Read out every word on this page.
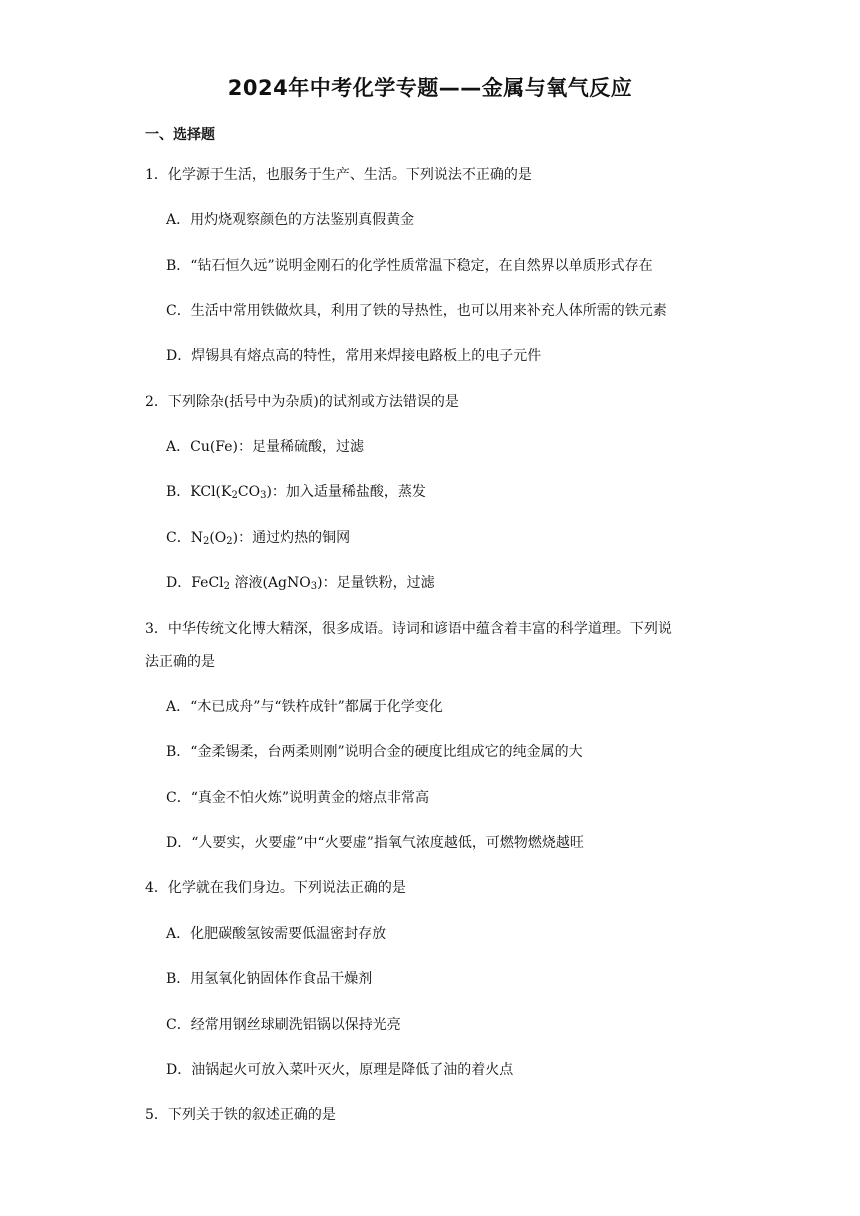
2024年中考化学专题——金属与氧气反应
一、选择题
1．化学源于生活，也服务于生产、生活。下列说法不正确的是
A．用灼烧观察颜色的方法鉴别真假黄金
B．“钻石恒久远”说明金刚石的化学性质常温下稳定，在自然界以单质形式存在
C．生活中常用铁做炊具，利用了铁的导热性，也可以用来补充人体所需的铁元素
D．焊锡具有熔点高的特性，常用来焊接电路板上的电子元件
2．下列除杂(括号中为杂质)的试剂或方法错误的是
A．Cu(Fe)：足量稀硫酸，过滤
B．$KCl(K_2CO_3)$：加入适量稀盐酸，蒸发
C．$N_2(O_2)$：通过灼热的铜网
D．FeCl$_2$ 溶液(AgNO$_3$)：足量铁粉，过滤
3．中华传统文化博大精深，很多成语。诗词和谚语中蕴含着丰富的科学道理。下列说
法正确的是
A．“木已成舟”与“铁杵成针”都属于化学变化
B．“金柔锡柔，台两柔则刚”说明合金的硬度比组成它的纯金属的大
C．“真金不怕火炼”说明黄金的熔点非常高
D．“人要实，火要虚”中“火要虚”指氧气浓度越低，可燃物燃烧越旺
4．化学就在我们身边。下列说法正确的是
A．化肥碳酸氢铵需要低温密封存放
B．用氢氧化钠固体作食品干燥剂
C．经常用钢丝球刷洗铝锅以保持光亮
D．油锅起火可放入菜叶灭火，原理是降低了油的着火点
5．下列关于铁的叙述正确的是
